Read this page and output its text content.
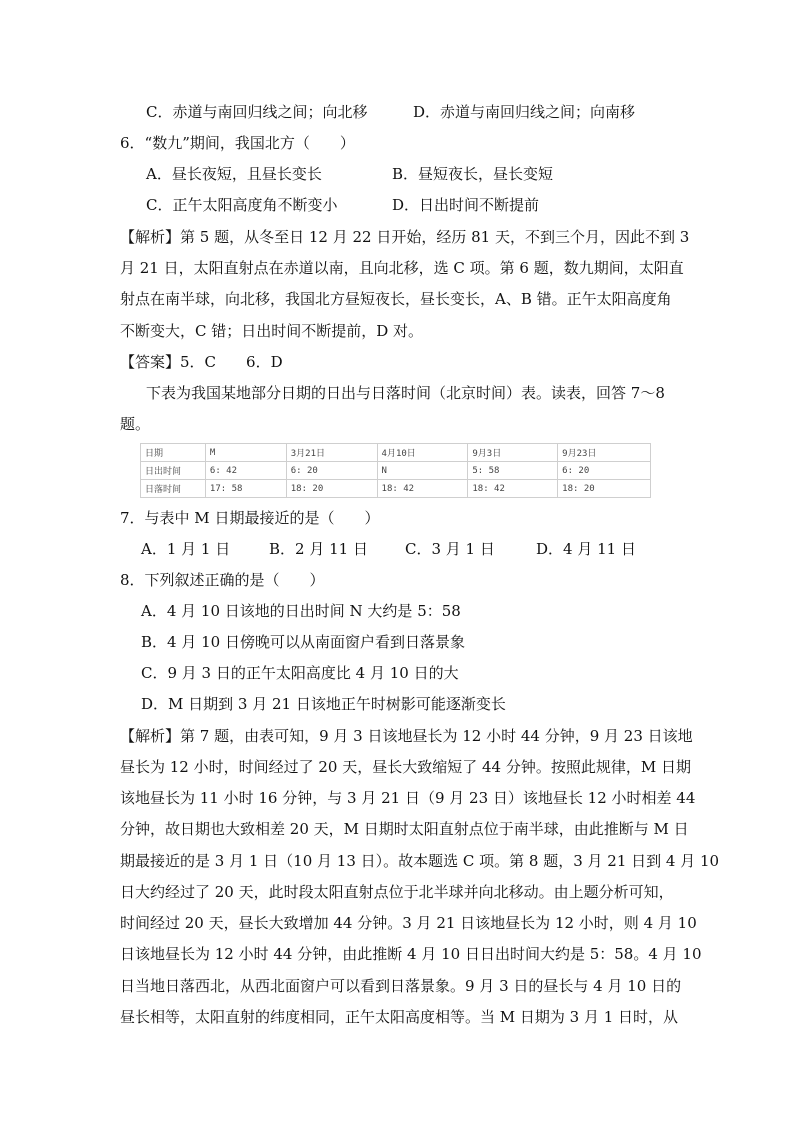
C．赤道与南回归线之间；向北移	D．赤道与南回归线之间；向南移
6．“数九”期间，我国北方（　　）
A．昼长夜短，且昼长变长	B．昼短夜长，昼长变短
C．正午太阳高度角不断变小	D．日出时间不断提前
【解析】第 5 题，从冬至日 12 月 22 日开始，经历 81 天，不到三个月，因此不到 3
月 21 日，太阳直射点在赤道以南，且向北移，选 C 项。第 6 题，数九期间，太阳直
射点在南半球，向北移，我国北方昼短夜长，昼长变长，A、B 错。正午太阳高度角
不断变大，C 错；日出时间不断提前，D 对。
【答案】5．C　　6．D
下表为我国某地部分日期的日出与日落时间（北京时间）表。读表，回答 7～8
题。
日期	M	3月21日	4月10日	9月3日	9月23日
日出时间	6: 42	6: 20	N	5: 58	6: 20
日落时间	17: 58	18: 20	18: 42	18: 42	18: 20
7．与表中 M 日期最接近的是（　　）
A．1 月 1 日	B．2 月 11 日 C．3 月 1 日	D．4 月 11 日
8．下列叙述正确的是（　　）
A．4 月 10 日该地的日出时间 N 大约是 5：58
B．4 月 10 日傍晚可以从南面窗户看到日落景象
C．9 月 3 日的正午太阳高度比 4 月 10 日的大
D．M 日期到 3 月 21 日该地正午时树影可能逐渐变长
【解析】第 7 题，由表可知，9 月 3 日该地昼长为 12 小时 44 分钟，9 月 23 日该地
昼长为 12 小时，时间经过了 20 天，昼长大致缩短了 44 分钟。按照此规律，M 日期
该地昼长为 11 小时 16 分钟，与 3 月 21 日（9 月 23 日）该地昼长 12 小时相差 44
分钟，故日期也大致相差 20 天，M 日期时太阳直射点位于南半球，由此推断与 M 日
期最接近的是 3 月 1 日（10 月 13 日）。故本题选 C 项。第 8 题，3 月 21 日到 4 月 10
日大约经过了 20 天，此时段太阳直射点位于北半球并向北移动。由上题分析可知，
时间经过 20 天，昼长大致增加 44 分钟。3 月 21 日该地昼长为 12 小时，则 4 月 10
日该地昼长为 12 小时 44 分钟，由此推断 4 月 10 日日出时间大约是 5：58。4 月 10
日当地日落西北，从西北面窗户可以看到日落景象。9 月 3 日的昼长与 4 月 10 日的
昼长相等，太阳直射的纬度相同，正午太阳高度相等。当 M 日期为 3 月 1 日时，从
